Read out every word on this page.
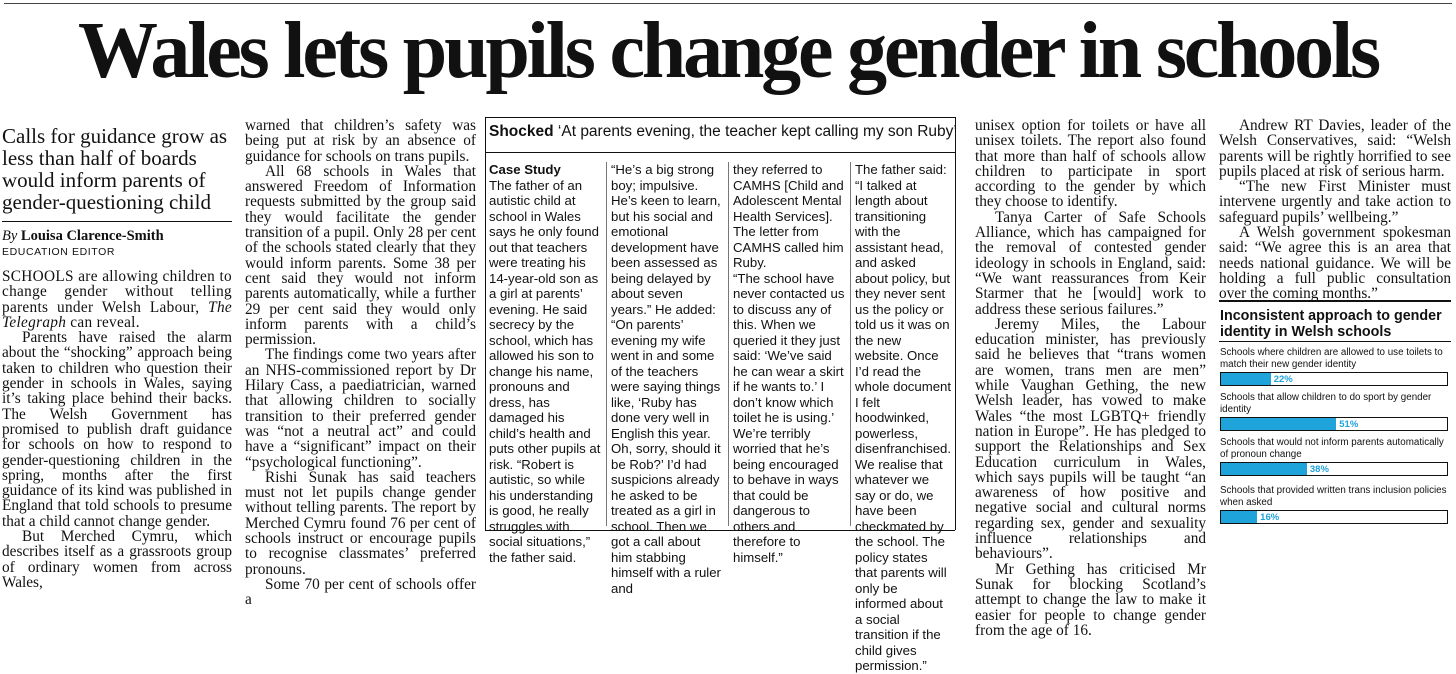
Wales lets pupils change gender in schools
Calls for guidance grow as less than half of boards would inform parents of gender-questioning child
By Louisa Clarence-Smith
EDUCATION EDITOR

SCHOOLS are allowing children to change gender without telling parents under Welsh Labour, The Telegraph can reveal.

Parents have raised the alarm about the “shocking” approach being taken to children who question their gender in schools in Wales, saying it’s taking place behind their backs. The Welsh Government has promised to publish draft guidance for schools on how to respond to gender-questioning children in the spring, months after the first guidance of its kind was published in England that told schools to presume that a child cannot change gender.

But Merched Cymru, which describes itself as a grassroots group of ordinary women from across Wales,

warned that children’s safety was being put at risk by an absence of guidance for schools on trans pupils.

All 68 schools in Wales that answered Freedom of Information requests submitted by the group said they would facilitate the gender transition of a pupil. Only 28 per cent of the schools stated clearly that they would inform parents. Some 38 per cent said they would not inform parents automatically, while a further 29 per cent said they would only inform parents with a child’s permission.

The findings come two years after an NHS-commissioned report by Dr Hilary Cass, a paediatrician, warned that allowing children to socially transition to their preferred gender was “not a neutral act” and could have a “significant” impact on their “psychological functioning”.

Rishi Sunak has said teachers must not let pupils change gender without telling parents. The report by Merched Cymru found 76 per cent of schools instruct or encourage pupils to recognise classmates’ preferred pronouns.

Some 70 per cent of schools offer a

Shocked ‘At parents evening, the teacher kept calling my son Ruby’

Case Study

The father of an autistic child at school in Wales says he only found out that teachers were treating his 14-year-old son as a girl at parents’ evening. He said secrecy by the school, which has allowed his son to change his name, pronouns and dress, has damaged his child’s health and puts other pupils at risk. “Robert is autistic, so while his understanding is good, he really struggles with social situations,” the father said.

“He’s a big strong boy; impulsive. He’s keen to learn, but his social and emotional development have been assessed as being delayed by about seven years.” He added: “On parents’ evening my wife went in and some of the teachers were saying things like, ‘Ruby has done very well in English this year. Oh, sorry, should it be Rob?’ I’d had suspicions already he asked to be treated as a girl in school. Then we got a call about him stabbing himself with a ruler and

they referred to CAMHS [Child and Adolescent Mental Health Services]. The letter from CAMHS called him Ruby.

“The school have never contacted us to discuss any of this. When we queried it they just said: ‘We’ve said he can wear a skirt if he wants to.’ I don’t know which toilet he is using.’ We’re terribly worried that he’s being encouraged to behave in ways that could be dangerous to others and therefore to himself.”

The father said: “I talked at length about transitioning with the assistant head, and asked about policy, but they never sent us the policy or told us it was on the new website. Once I’d read the whole document I felt hoodwinked, powerless, disenfranchised. We realise that whatever we say or do, we have been checkmated by the school. The policy states that parents will only be informed about a social transition if the child gives permission.”

unisex option for toilets or have all unisex toilets. The report also found that more than half of schools allow children to participate in sport according to the gender by which they choose to identify.

Tanya Carter of Safe Schools Alliance, which has campaigned for the removal of contested gender ideology in schools in England, said: “We want reassurances from Keir Starmer that he [would] work to address these serious failures.”

Jeremy Miles, the Labour education minister, has previously said he believes that “trans women are women, trans men are men” while Vaughan Gething, the new Welsh leader, has vowed to make Wales “the most LGBTQ+ friendly nation in Europe”. He has pledged to support the Relationships and Sex Education curriculum in Wales, which says pupils will be taught “an awareness of how positive and negative social and cultural norms regarding sex, gender and sexuality influence relationships and behaviours”.

Mr Gething has criticised Mr Sunak for blocking Scotland’s attempt to change the law to make it easier for people to change gender from the age of 16.

Andrew RT Davies, leader of the Welsh Conservatives, said: “Welsh parents will be rightly horrified to see pupils placed at risk of serious harm.

“The new First Minister must intervene urgently and take action to safeguard pupils’ wellbeing.”

A Welsh government spokesman said: “We agree this is an area that needs national guidance. We will be holding a full public consultation over the coming months.”

Inconsistent approach to gender identity in Welsh schools
Schools where children are allowed to use toilets to match their new gender identity
22%
Schools that allow children to do sport by gender identity
51%
Schools that would not inform parents automatically of pronoun change
38%
Schools that provided written trans inclusion policies when asked
16%
